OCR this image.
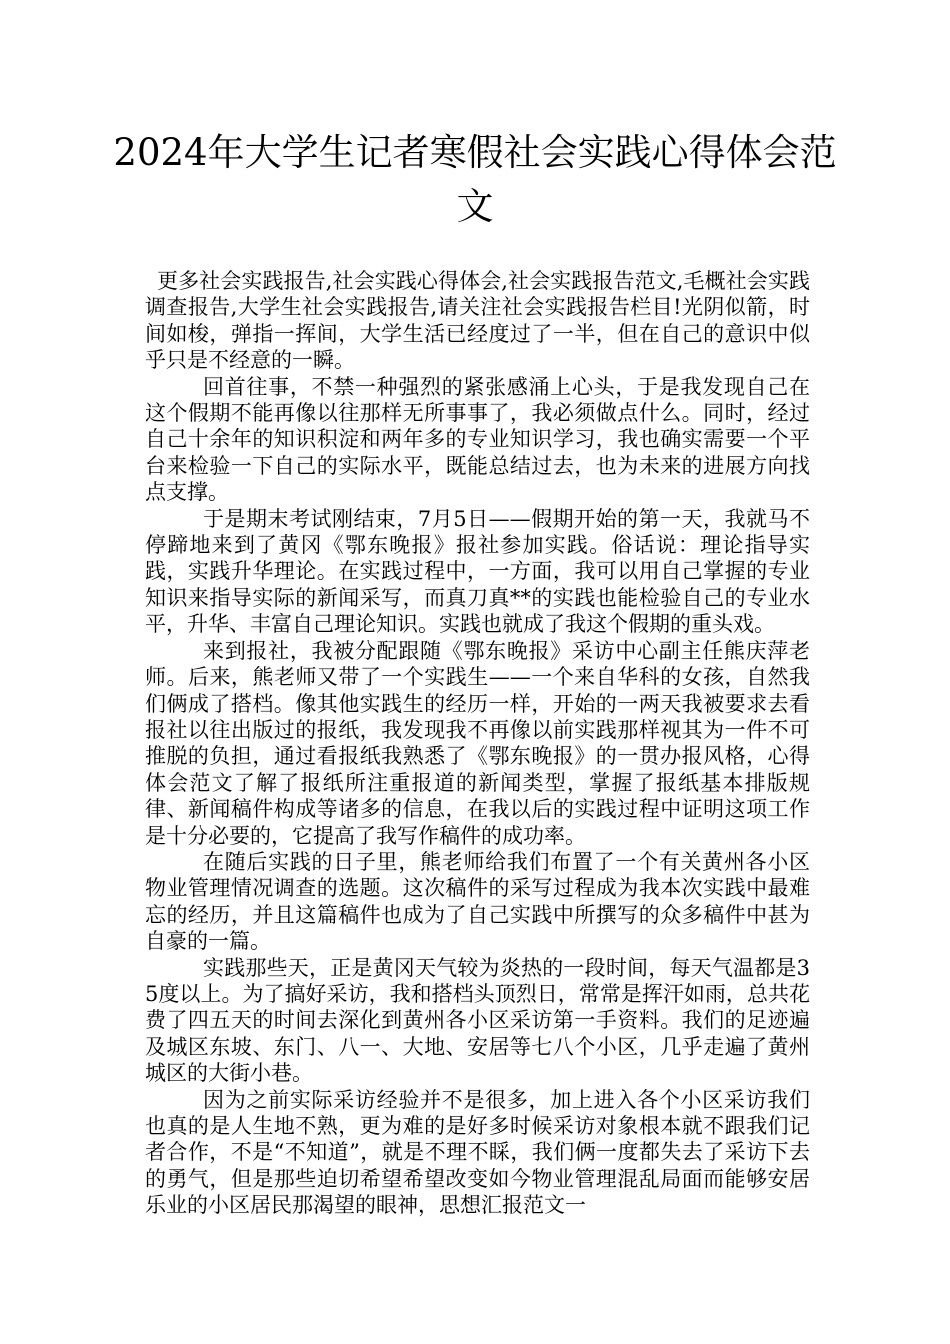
2024年大学生记者寒假社会实践心得体会范文

更多社会实践报告,社会实践心得体会,社会实践报告范文,毛概社会实践调查报告,大学生社会实践报告,请关注社会实践报告栏目!光阴似箭，时间如梭，弹指一挥间，大学生活已经度过了一半，但在自己的意识中似乎只是不经意的一瞬。

回首往事，不禁一种强烈的紧张感涌上心头，于是我发现自己在这个假期不能再像以往那样无所事事了，我必须做点什么。同时，经过自己十余年的知识积淀和两年多的专业知识学习，我也确实需要一个平台来检验一下自己的实际水平，既能总结过去，也为未来的进展方向找点支撑。

于是期末考试刚结束，7月5日——假期开始的第一天，我就马不停蹄地来到了黄冈《鄂东晚报》报社参加实践。俗话说：理论指导实践，实践升华理论。在实践过程中，一方面，我可以用自己掌握的专业知识来指导实际的新闻采写，而真刀真**的实践也能检验自己的专业水平，升华、丰富自己理论知识。实践也就成了我这个假期的重头戏。

来到报社，我被分配跟随《鄂东晚报》采访中心副主任熊庆萍老师。后来，熊老师又带了一个实践生——一个来自华科的女孩，自然我们俩成了搭档。像其他实践生的经历一样，开始的一两天我被要求去看报社以往出版过的报纸，我发现我不再像以前实践那样视其为一件不可推脱的负担，通过看报纸我熟悉了《鄂东晚报》的一贯办报风格，心得体会范文了解了报纸所注重报道的新闻类型，掌握了报纸基本排版规律、新闻稿件构成等诸多的信息，在我以后的实践过程中证明这项工作是十分必要的，它提高了我写作稿件的成功率。

在随后实践的日子里，熊老师给我们布置了一个有关黄州各小区物业管理情况调查的选题。这次稿件的采写过程成为我本次实践中最难忘的经历，并且这篇稿件也成为了自己实践中所撰写的众多稿件中甚为自豪的一篇。

实践那些天，正是黄冈天气较为炎热的一段时间，每天气温都是35度以上。为了搞好采访，我和搭档头顶烈日，常常是挥汗如雨，总共花费了四五天的时间去深化到黄州各小区采访第一手资料。我们的足迹遍及城区东坡、东门、八一、大地、安居等七八个小区，几乎走遍了黄州城区的大街小巷。

因为之前实际采访经验并不是很多，加上进入各个小区采访我们也真的是人生地不熟，更为难的是好多时候采访对象根本就不跟我们记者合作，不是“不知道”，就是不理不睬，我们俩一度都失去了采访下去的勇气，但是那些迫切希望希望改变如今物业管理混乱局面而能够安居乐业的小区居民那渴望的眼神，思想汇报范文一
